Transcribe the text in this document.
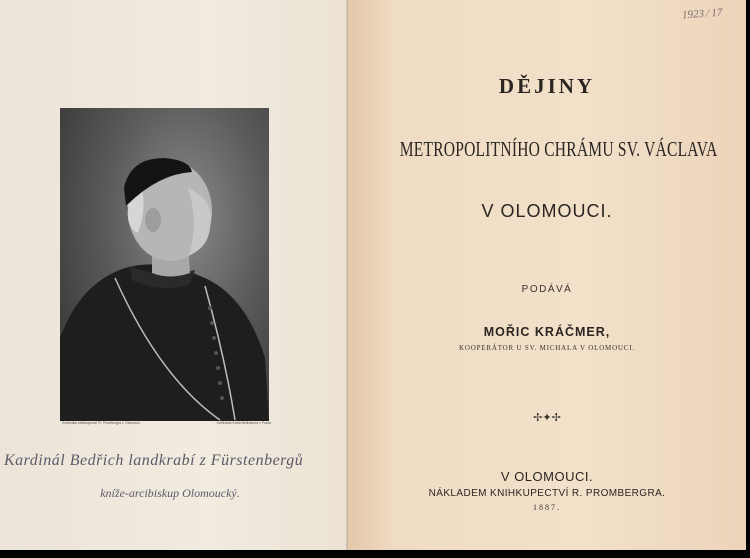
Světlotisk knihkupectví R. Prombergra v Olomouci.	Světlotisk Karla Bellmanna v Praze.
Kardinál Bedřich landkrabí z Fürstenbergů
kníže-arcibiskup Olomoucký.
1923 ∕ 17
DĚJINY
METROPOLITNÍHO CHRÁMU SV. VÁCLAVA
V OLOMOUCI.
PODÁVÁ
MOŘIC KRÁČMER,
KOOPERÁTOR U SV. MICHALA V OLOMOUCI.
✢✦✢
V OLOMOUCI.
NÁKLADEM KNIHKUPECTVÍ R. PROMBERGRA.
1887.
